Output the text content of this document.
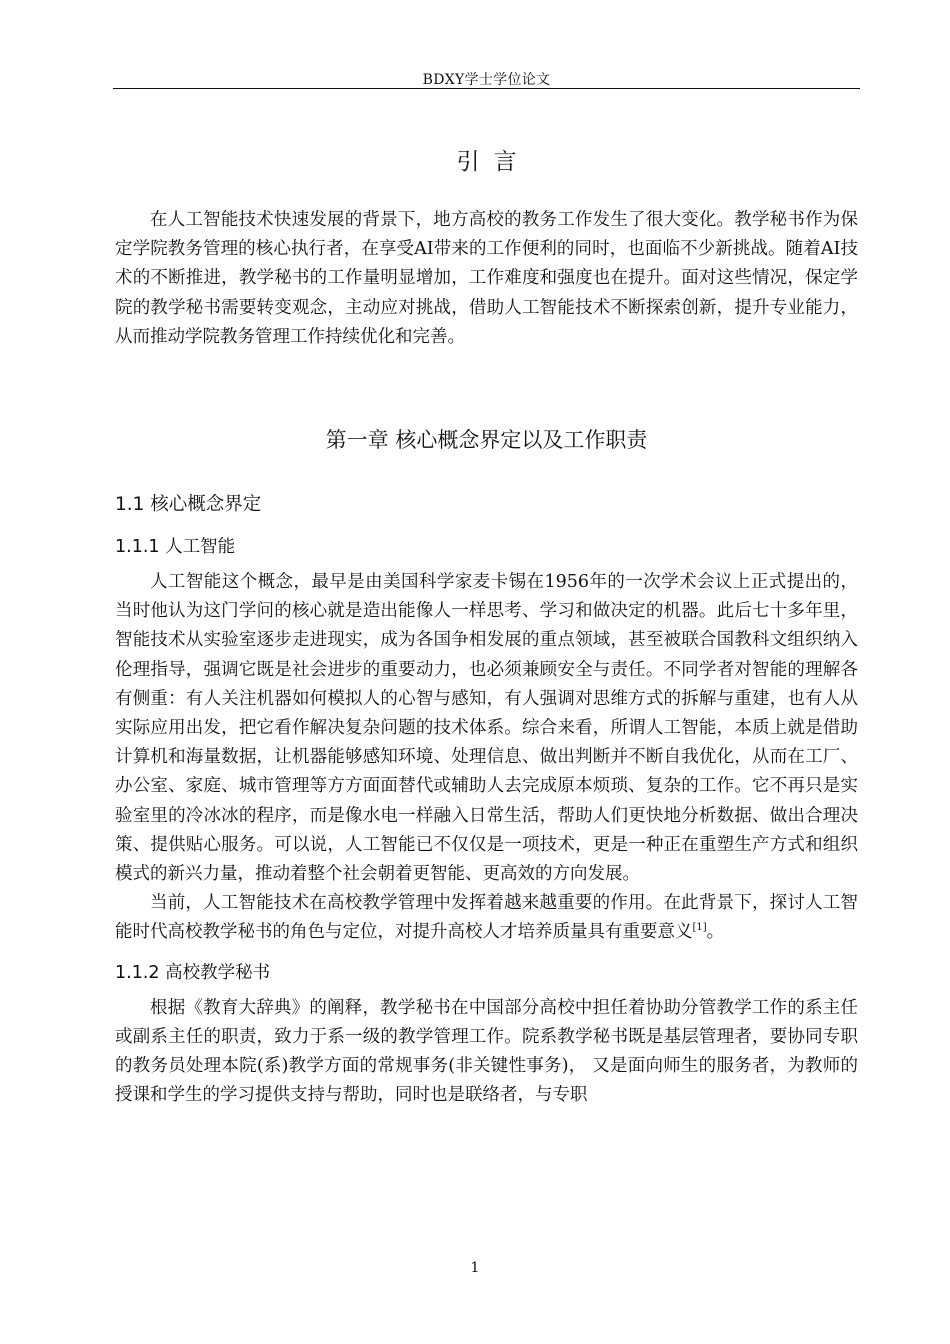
BDXY学士学位论文
引言

在人工智能技术快速发展的背景下，地方高校的教务工作发生了很大变化。教学秘书作为保定学院教务管理的核心执行者，在享受AI带来的工作便利的同时，也面临不少新挑战。随着AI技术的不断推进，教学秘书的工作量明显增加，工作难度和强度也在提升。面对这些情况，保定学院的教学秘书需要转变观念，主动应对挑战，借助人工智能技术不断探索创新，提升专业能力，从而推动学院教务管理工作持续优化和完善。

第一章 核心概念界定以及工作职责
1.1 核心概念界定
1.1.1 人工智能

人工智能这个概念，最早是由美国科学家麦卡锡在1956年的一次学术会议上正式提出的，当时他认为这门学问的核心就是造出能像人一样思考、学习和做决定的机器。此后七十多年里，智能技术从实验室逐步走进现实，成为各国争相发展的重点领域，甚至被联合国教科文组织纳入伦理指导，强调它既是社会进步的重要动力，也必须兼顾安全与责任。不同学者对智能的理解各有侧重：有人关注机器如何模拟人的心智与感知，有人强调对思维方式的拆解与重建，也有人从实际应用出发，把它看作解决复杂问题的技术体系。综合来看，所谓人工智能，本质上就是借助计算机和海量数据，让机器能够感知环境、处理信息、做出判断并不断自我优化，从而在工厂、办公室、家庭、城市管理等方方面面替代或辅助人去完成原本烦琐、复杂的工作。它不再只是实验室里的冷冰冰的程序，而是像水电一样融入日常生活，帮助人们更快地分析数据、做出合理决策、提供贴心服务。可以说，人工智能已不仅仅是一项技术，更是一种正在重塑生产方式和组织模式的新兴力量，推动着整个社会朝着更智能、更高效的方向发展。

当前，人工智能技术在高校教学管理中发挥着越来越重要的作用。在此背景下，探讨人工智能时代高校教学秘书的角色与定位，对提升高校人才培养质量具有重要意义[1]。

1.1.2 高校教学秘书

根据《教育大辞典》的阐释，教学秘书在中国部分高校中担任着协助分管教学工作的系主任或副系主任的职责，致力于系一级的教学管理工作。院系教学秘书既是基层管理者，要协同专职的教务员处理本院(系)教学方面的常规事务(非关键性事务)， 又是面向师生的服务者，为教师的授课和学生的学习提供支持与帮助，同时也是联络者，与专职

1
